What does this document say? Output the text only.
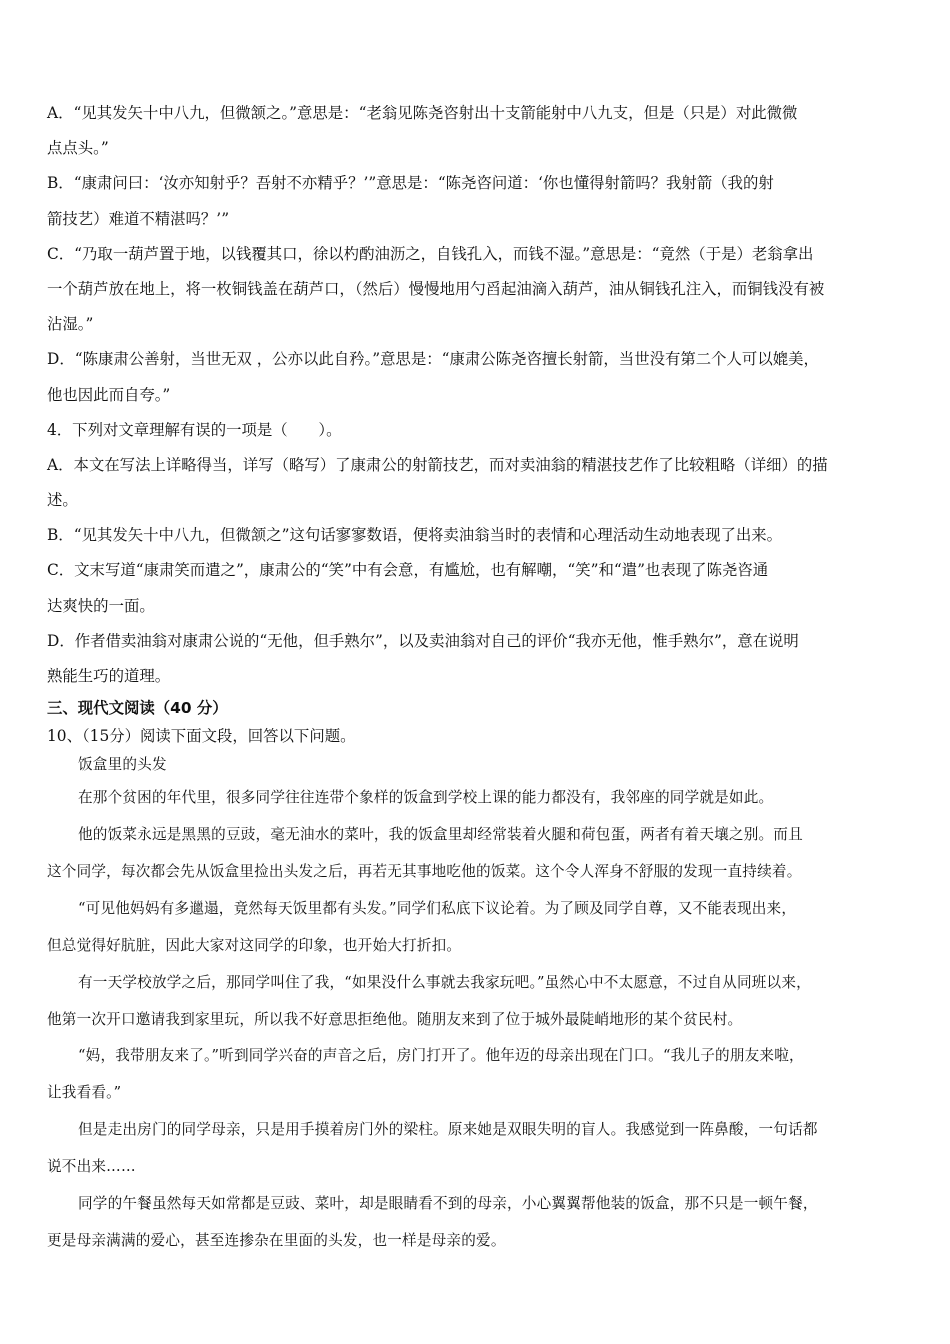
A．“见其发矢十中八九，但微颔之。”意思是：“老翁见陈尧咨射出十支箭能射中八九支，但是（只是）对此微微
点点头。”
B．“康肃问曰：‘汝亦知射乎？吾射不亦精乎？’”意思是：“陈尧咨问道：‘你也懂得射箭吗？我射箭（我的射
箭技艺）难道不精湛吗？’”
C．“乃取一葫芦置于地，以钱覆其口，徐以杓酌油沥之，自钱孔入，而钱不湿。”意思是：“竟然（于是）老翁拿出
一个葫芦放在地上，将一枚铜钱盖在葫芦口，（然后）慢慢地用勺舀起油滴入葫芦，油从铜钱孔注入，而铜钱没有被
沾湿。”
D．“陈康肃公善射，当世无双 ，公亦以此自矜。”意思是：“康肃公陈尧咨擅长射箭，当世没有第二个人可以媲美，
他也因此而自夸。”
4．下列对文章理解有误的一项是（　　）。
A．本文在写法上详略得当，详写（略写）了康肃公的射箭技艺，而对卖油翁的精湛技艺作了比较粗略（详细）的描
述。
B．“见其发矢十中八九，但微颔之”这句话寥寥数语，便将卖油翁当时的表情和心理活动生动地表现了出来。
C．文末写道“康肃笑而遣之”，康肃公的“笑”中有会意，有尴尬，也有解嘲，“笑”和“遣”也表现了陈尧咨通
达爽快的一面。
D．作者借卖油翁对康肃公说的“无他，但手熟尔”，以及卖油翁对自己的评价“我亦无他，惟手熟尔”，意在说明
熟能生巧的道理。
三、现代文阅读（40 分）
10、（15分）阅读下面文段，回答以下问题。
饭盒里的头发
在那个贫困的年代里，很多同学往往连带个象样的饭盒到学校上课的能力都没有，我邻座的同学就是如此。
他的饭菜永远是黑黑的豆豉，毫无油水的菜叶，我的饭盒里却经常装着火腿和荷包蛋，两者有着天壤之别。而且
这个同学，每次都会先从饭盒里捡出头发之后，再若无其事地吃他的饭菜。这个令人浑身不舒服的发现一直持续着。
“可见他妈妈有多邋遢，竟然每天饭里都有头发。”同学们私底下议论着。为了顾及同学自尊，又不能表现出来，
但总觉得好肮脏，因此大家对这同学的印象，也开始大打折扣。
有一天学校放学之后，那同学叫住了我，“如果没什么事就去我家玩吧。”虽然心中不太愿意，不过自从同班以来，
他第一次开口邀请我到家里玩，所以我不好意思拒绝他。随朋友来到了位于城外最陡峭地形的某个贫民村。
“妈，我带朋友来了。”听到同学兴奋的声音之后，房门打开了。他年迈的母亲出现在门口。“我儿子的朋友来啦，
让我看看。”
但是走出房门的同学母亲，只是用手摸着房门外的梁柱。原来她是双眼失明的盲人。我感觉到一阵鼻酸，一句话都
说不出来……
同学的午餐虽然每天如常都是豆豉、菜叶，却是眼睛看不到的母亲，小心翼翼帮他装的饭盒，那不只是一顿午餐，
更是母亲满满的爱心，甚至连掺杂在里面的头发，也一样是母亲的爱。
